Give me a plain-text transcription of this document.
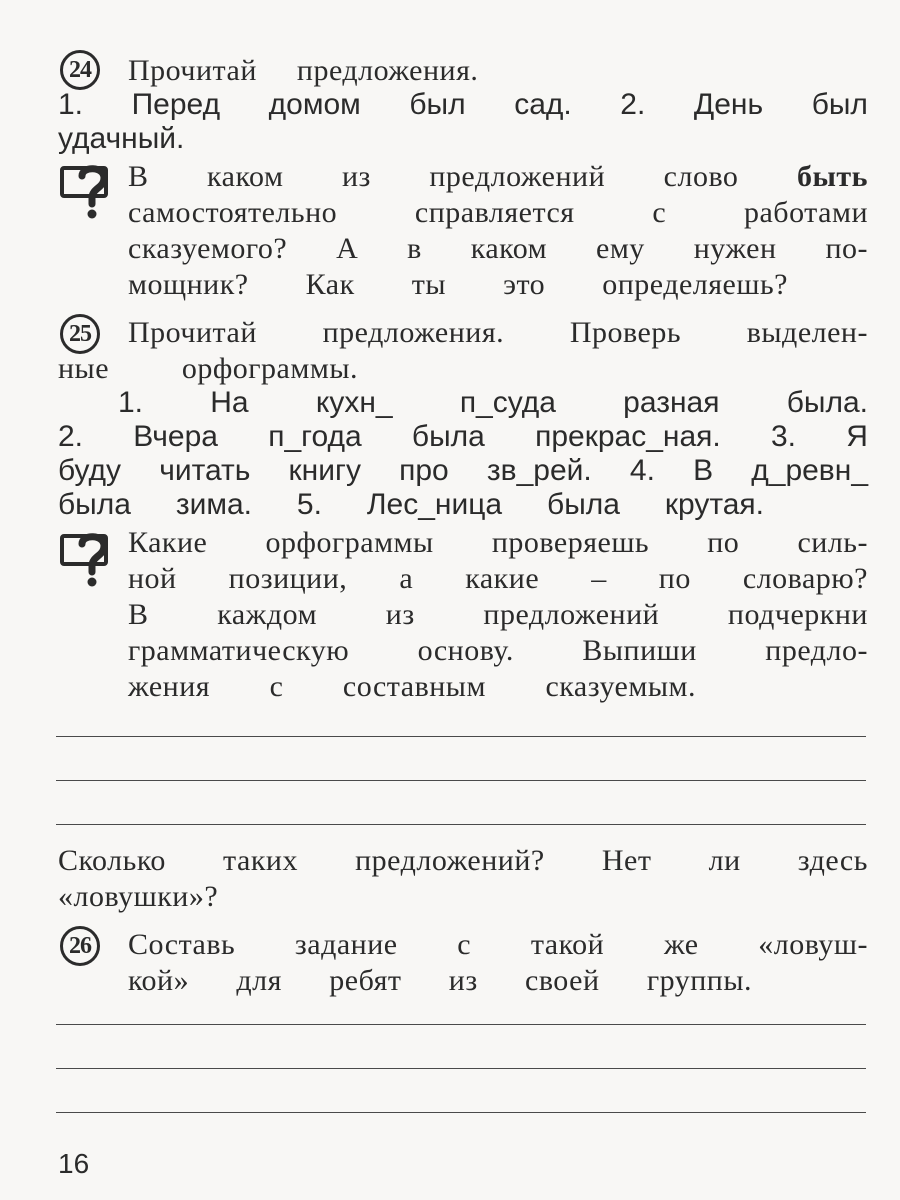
24 Прочитай предложения.
1. Перед домом был сад. 2. День был
удачный.
В каком из предложений слово быть
самостоятельно	справляется	с	работами
сказуемого? А в каком ему нужен по-
мощник? Как ты это определяешь?
25 Прочитай предложения. Проверь выделен-
ные орфограммы.
1. На кухн_ п_суда разная была.
2. Вчера п_года была прекрас_ная. 3. Я
буду читать книгу про зв_рей. 4. В д_ревн_
была зима. 5. Лес_ница была крутая.
Какие орфограммы проверяешь по силь-
ной позиции, а какие – по словарю?
В каждом из предложений подчеркни
грамматическую основу. Выпиши предло-
жения с составным сказуемым.
Сколько таких предложений? Нет ли здесь
«ловушки»?
26 Составь задание с такой же «ловуш-
кой» для ребят из своей группы.
16
